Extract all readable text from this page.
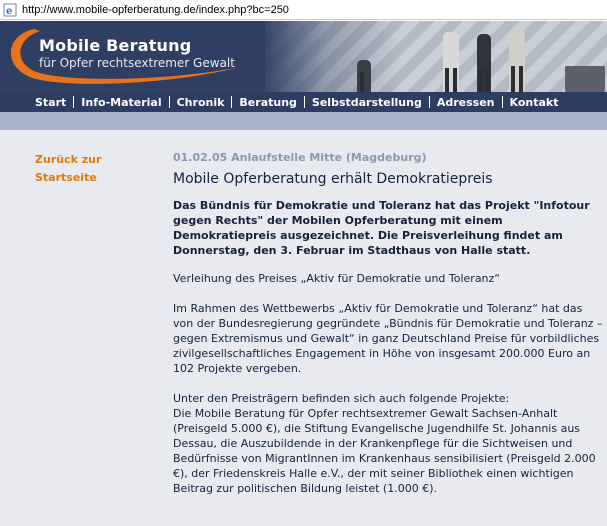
e http://www.mobile-opferberatung.de/index.php?bc=250
Mobile Beratung
für Opfer rechtsextremer Gewalt
Start	Info-Material	Chronik	Beratung	Selbstdarstellung	Adressen	Kontakt
Zurück zur Startseite
01.02.05 Anlaufstelle Mitte (Magdeburg)
Mobile Opferberatung erhält Demokratiepreis
Das Bündnis für Demokratie und Toleranz hat das Projekt "Infotour gegen Rechts" der Mobilen Opferberatung mit einem Demokratiepreis ausgezeichnet. Die Preisverleihung findet am Donnerstag, den 3. Februar im Stadthaus von Halle statt.
Verleihung des Preises „Aktiv für Demokratie und Toleranz“
Im Rahmen des Wettbewerbs „Aktiv für Demokratie und Toleranz“ hat das von der Bundesregierung gegründete „Bündnis für Demokratie und Toleranz – gegen Extremismus und Gewalt“ in ganz Deutschland Preise für vorbildliches zivilgesellschaftliches Engagement in Höhe von insgesamt 200.000 Euro an 102 Projekte vergeben.
Unter den Preisträgern befinden sich auch folgende Projekte:
Die Mobile Beratung für Opfer rechtsextremer Gewalt Sachsen-Anhalt (Preisgeld 5.000 €), die Stiftung Evangelische Jugendhilfe St. Johannis aus Dessau, die Auszubildende in der Krankenpflege für die Sichtweisen und Bedürfnisse von MigrantInnen im Krankenhaus sensibilisiert (Preisgeld 2.000 €), der Friedenskreis Halle e.V., der mit seiner Bibliothek einen wichtigen Beitrag zur politischen Bildung leistet (1.000 €).
